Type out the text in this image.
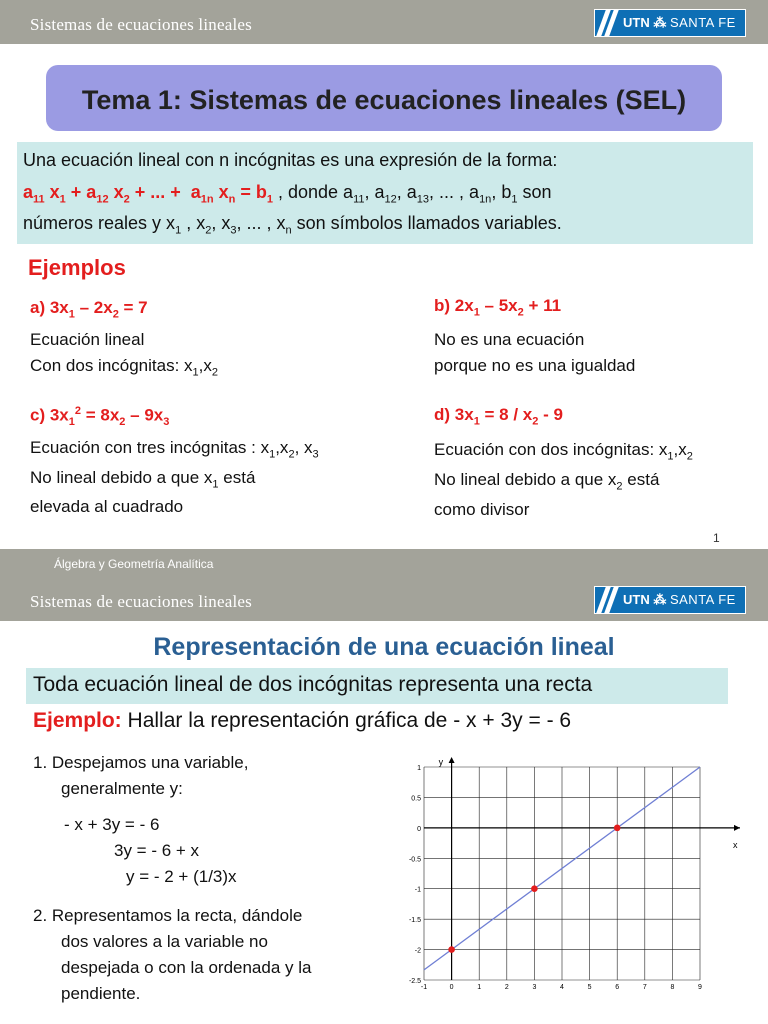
Sistemas de ecuaciones lineales	UTN ⁂ SANTA FE
Tema 1: Sistemas de ecuaciones lineales (SEL)
Una ecuación lineal con n incógnitas es una expresión de la forma:
$a_{11}$ $x_1 + a_{12}$ $x_2$ + ... +  $a_{1n}$ $x_n = b_1$ , donde $a_{11}$, $a_{12}$, $a_{13}$, ... , $a_{1n}$, $b_1$ son
números reales y $x_1$ , $x_2$, $x_3$, ... , $x_n$ son símbolos llamados variables.
Ejemplos
a) $3x_1 - 2x_2 = 7$
Ecuación lineal
Con dos incógnitas: $x_1,x_2$
b) $2x_1 - 5x_2 + 11$
No es una ecuación
porque no es una igualdad
c) $3x_1^2 = 8x_2 - 9x_3$
Ecuación con tres incógnitas : $x_1,x_2$, $x_3$
No lineal debido a que $x_1$ está
elevada al cuadrado
d) $3x_1 = 8 / x_2 - 9$
Ecuación con dos incógnitas: $x_1,x_2$
No lineal debido a que $x_2$ está
como divisor
1
Álgebra y Geometría Analítica
Sistemas de ecuaciones lineales	UTN ⁂ SANTA FE
Representación de una ecuación lineal
Toda ecuación lineal de dos incógnitas representa una recta
Ejemplo: Hallar la representación gráfica de - x + 3y = - 6
1. Despejamos una variable,
generalmente y:
- x + 3y = - 6
3y = - 6 + x
y = - 2 + (1/3)x
2. Representamos la recta, dándole
dos valores a la variable no
despejada o con la ordenada y la
pendiente.	-1	0	1	2	3	4	5	6	7	8	9
1
0.5
0
-0.5
-1
-1.5
-2
-2.5
x
y
